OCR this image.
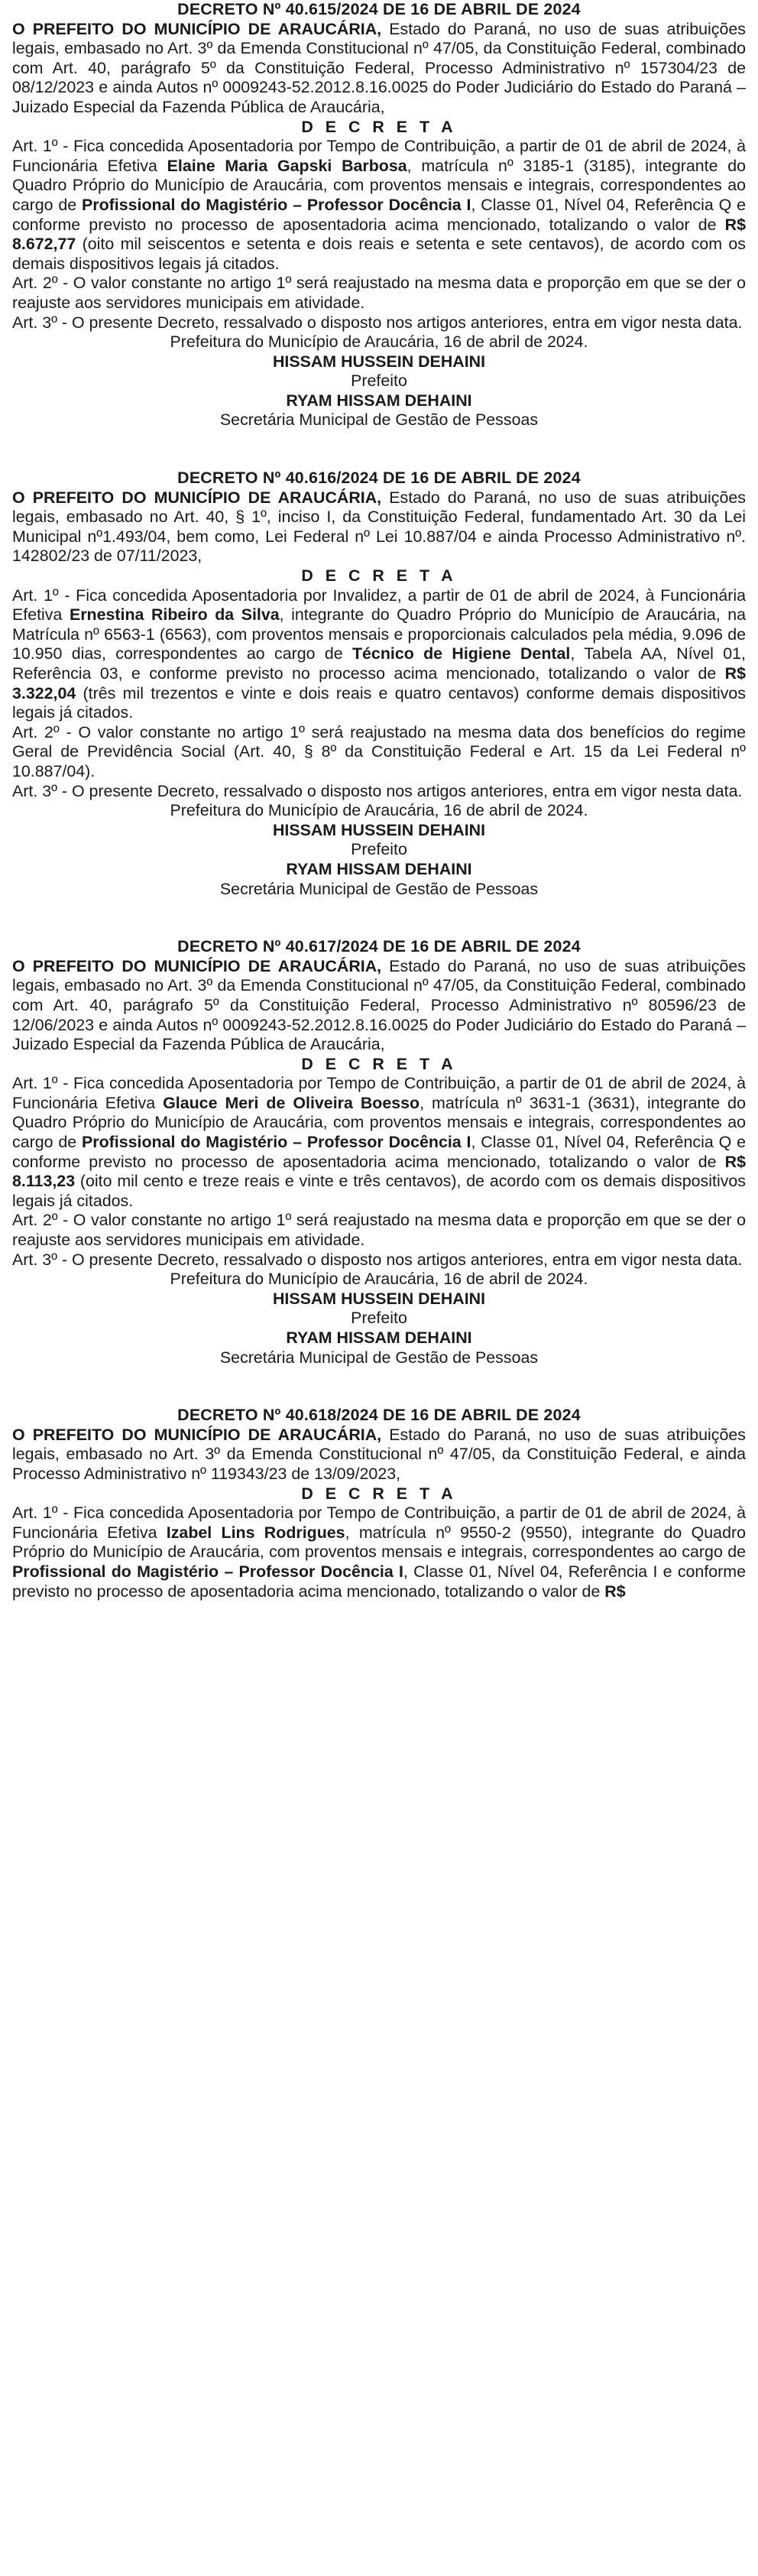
DECRETO Nº 40.615/2024 DE 16 DE ABRIL DE 2024

O PREFEITO DO MUNICÍPIO DE ARAUCÁRIA, Estado do Paraná, no uso de suas atribuições legais, embasado no Art. 3º da Emenda Constitucional nº 47/05, da Constituição Federal, combinado com Art. 40, parágrafo 5º da Constituição Federal, Processo Administrativo nº 157304/23 de 08/12/2023 e ainda Autos nº 0009243-52.2012.8.16.0025 do Poder Judiciário do Estado do Paraná – Juizado Especial da Fazenda Pública de Araucária,

D E C R E T A

Art. 1º - Fica concedida Aposentadoria por Tempo de Contribuição, a partir de 01 de abril de 2024, à Funcionária Efetiva Elaine Maria Gapski Barbosa, matrícula nº 3185-1 (3185), integrante do Quadro Próprio do Município de Araucária, com proventos mensais e integrais, correspondentes ao cargo de Profissional do Magistério – Professor Docência I, Classe 01, Nível 04, Referência Q e conforme previsto no processo de aposentadoria acima mencionado, totalizando o valor de R$ 8.672,77 (oito mil seiscentos e setenta e dois reais e setenta e sete centavos), de acordo com os demais dispositivos legais já citados.

Art. 2º - O valor constante no artigo 1º será reajustado na mesma data e proporção em que se der o reajuste aos servidores municipais em atividade.

Art. 3º - O presente Decreto, ressalvado o disposto nos artigos anteriores, entra em vigor nesta data.

Prefeitura do Município de Araucária, 16 de abril de 2024.
HISSAM HUSSEIN DEHAINI
Prefeito
RYAM HISSAM DEHAINI
Secretária Municipal de Gestão de Pessoas
DECRETO Nº 40.616/2024 DE 16 DE ABRIL DE 2024

O PREFEITO DO MUNICÍPIO DE ARAUCÁRIA, Estado do Paraná, no uso de suas atribuições legais, embasado no Art. 40, § 1º, inciso I, da Constituição Federal, fundamentado Art. 30 da Lei Municipal nº1.493/04, bem como, Lei Federal nº Lei 10.887/04 e ainda Processo Administrativo nº. 142802/23 de 07/11/2023,

D E C R E T A

Art. 1º - Fica concedida Aposentadoria por Invalidez, a partir de 01 de abril de 2024, à Funcionária Efetiva Ernestina Ribeiro da Silva, integrante do Quadro Próprio do Município de Araucária, na Matrícula nº 6563-1 (6563), com proventos mensais e proporcionais calculados pela média, 9.096 de 10.950 dias, correspondentes ao cargo de Técnico de Higiene Dental, Tabela AA, Nível 01, Referência 03, e conforme previsto no processo acima mencionado, totalizando o valor de R$ 3.322,04 (três mil trezentos e vinte e dois reais e quatro centavos) conforme demais dispositivos legais já citados.

Art. 2º - O valor constante no artigo 1º será reajustado na mesma data dos benefícios do regime Geral de Previdência Social (Art. 40, § 8º da Constituição Federal e Art. 15 da Lei Federal nº 10.887/04).

Art. 3º - O presente Decreto, ressalvado o disposto nos artigos anteriores, entra em vigor nesta data.

Prefeitura do Município de Araucária, 16 de abril de 2024.
HISSAM HUSSEIN DEHAINI
Prefeito
RYAM HISSAM DEHAINI
Secretária Municipal de Gestão de Pessoas
DECRETO Nº 40.617/2024 DE 16 DE ABRIL DE 2024

O PREFEITO DO MUNICÍPIO DE ARAUCÁRIA, Estado do Paraná, no uso de suas atribuições legais, embasado no Art. 3º da Emenda Constitucional nº 47/05, da Constituição Federal, combinado com Art. 40, parágrafo 5º da Constituição Federal, Processo Administrativo nº 80596/23 de 12/06/2023 e ainda Autos nº 0009243-52.2012.8.16.0025 do Poder Judiciário do Estado do Paraná – Juizado Especial da Fazenda Pública de Araucária,

D E C R E T A

Art. 1º - Fica concedida Aposentadoria por Tempo de Contribuição, a partir de 01 de abril de 2024, à Funcionária Efetiva Glauce Meri de Oliveira Boesso, matrícula nº 3631-1 (3631), integrante do Quadro Próprio do Município de Araucária, com proventos mensais e integrais, correspondentes ao cargo de Profissional do Magistério – Professor Docência I, Classe 01, Nível 04, Referência Q e conforme previsto no processo de aposentadoria acima mencionado, totalizando o valor de R$ 8.113,23 (oito mil cento e treze reais e vinte e três centavos), de acordo com os demais dispositivos legais já citados.

Art. 2º - O valor constante no artigo 1º será reajustado na mesma data e proporção em que se der o reajuste aos servidores municipais em atividade.

Art. 3º - O presente Decreto, ressalvado o disposto nos artigos anteriores, entra em vigor nesta data.

Prefeitura do Município de Araucária, 16 de abril de 2024.
HISSAM HUSSEIN DEHAINI
Prefeito
RYAM HISSAM DEHAINI
Secretária Municipal de Gestão de Pessoas
DECRETO Nº 40.618/2024 DE 16 DE ABRIL DE 2024

O PREFEITO DO MUNICÍPIO DE ARAUCÁRIA, Estado do Paraná, no uso de suas atribuições legais, embasado no Art. 3º da Emenda Constitucional nº 47/05, da Constituição Federal, e ainda Processo Administrativo nº 119343/23 de 13/09/2023,

D E C R E T A

Art. 1º - Fica concedida Aposentadoria por Tempo de Contribuição, a partir de 01 de abril de 2024, à Funcionária Efetiva Izabel Lins Rodrigues, matrícula nº 9550-2 (9550), integrante do Quadro Próprio do Município de Araucária, com proventos mensais e integrais, correspondentes ao cargo de Profissional do Magistério – Professor Docência I, Classe 01, Nível 04, Referência I e conforme previsto no processo de aposentadoria acima mencionado, totalizando o valor de R$
